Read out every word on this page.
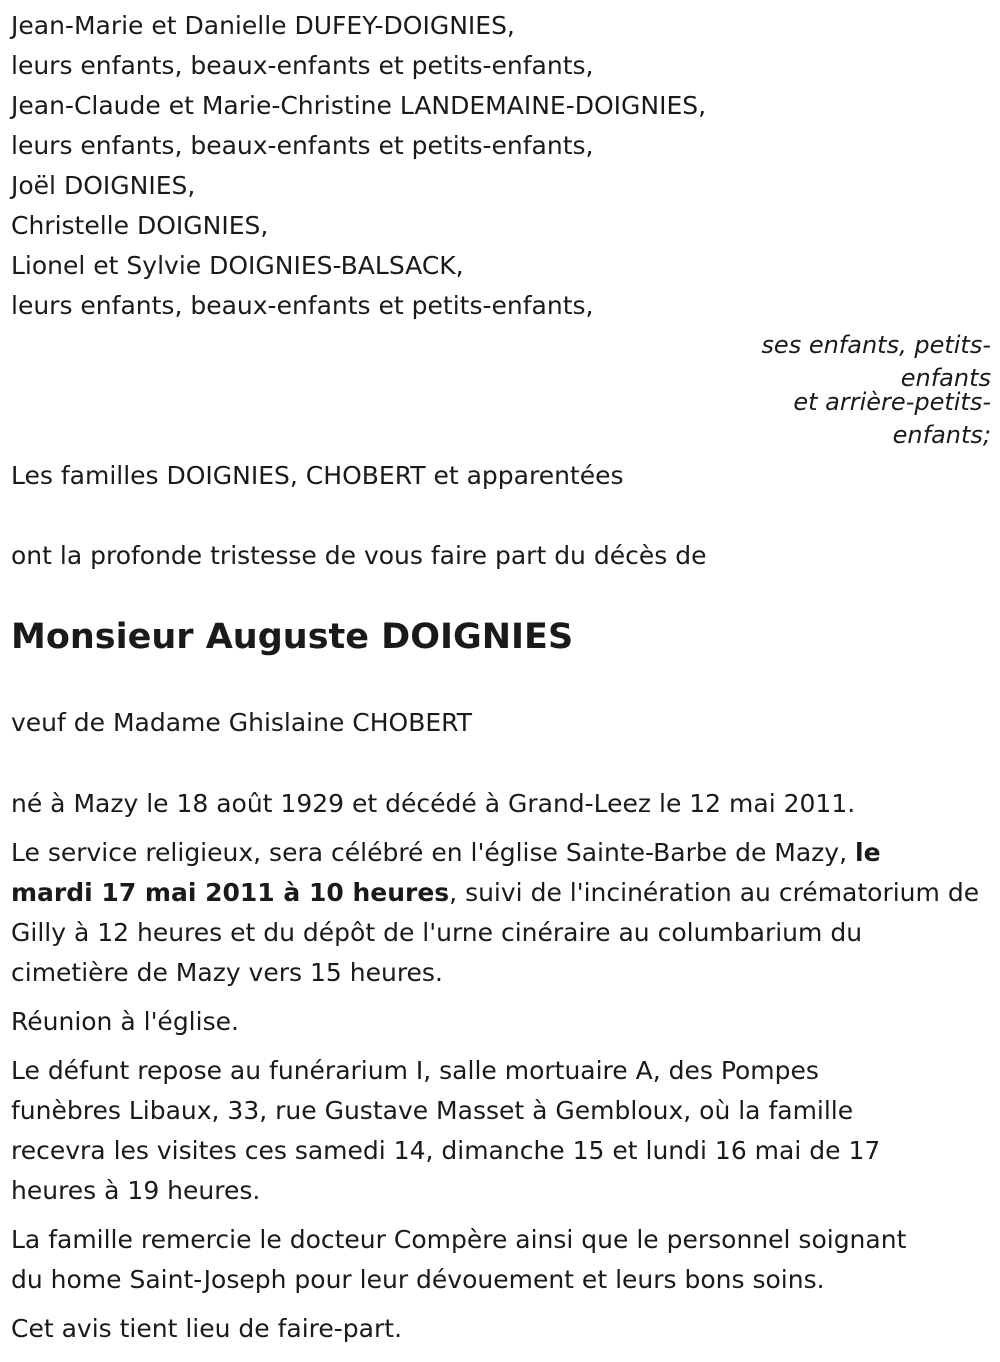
Jean-Marie et Danielle DUFEY-DOIGNIES,
leurs enfants, beaux-enfants et petits-enfants,
Jean-Claude et Marie-Christine LANDEMAINE-DOIGNIES,
leurs enfants, beaux-enfants et petits-enfants,
Joël DOIGNIES,
Christelle DOIGNIES,
Lionel et Sylvie DOIGNIES-BALSACK,
leurs enfants, beaux-enfants et petits-enfants,
ses enfants, petits-
enfants
et arrière-petits-
enfants;
Les familles DOIGNIES, CHOBERT et apparentées
ont la profonde tristesse de vous faire part du décès de
Monsieur Auguste DOIGNIES
veuf de Madame Ghislaine CHOBERT
né à Mazy le 18 août 1929 et décédé à Grand-Leez le 12 mai 2011.
Le service religieux, sera célébré en l'église Sainte-Barbe de Mazy, le
mardi 17 mai 2011 à 10 heures, suivi de l'incinération au crématorium de
Gilly à 12 heures et du dépôt de l'urne cinéraire au columbarium du
cimetière de Mazy vers 15 heures.
Réunion à l'église.
Le défunt repose au funérarium I, salle mortuaire A, des Pompes
funèbres Libaux, 33, rue Gustave Masset à Gembloux, où la famille
recevra les visites ces samedi 14, dimanche 15 et lundi 16 mai de 17
heures à 19 heures.
La famille remercie le docteur Compère ainsi que le personnel soignant
du home Saint-Joseph pour leur dévouement et leurs bons soins.
Cet avis tient lieu de faire-part.
